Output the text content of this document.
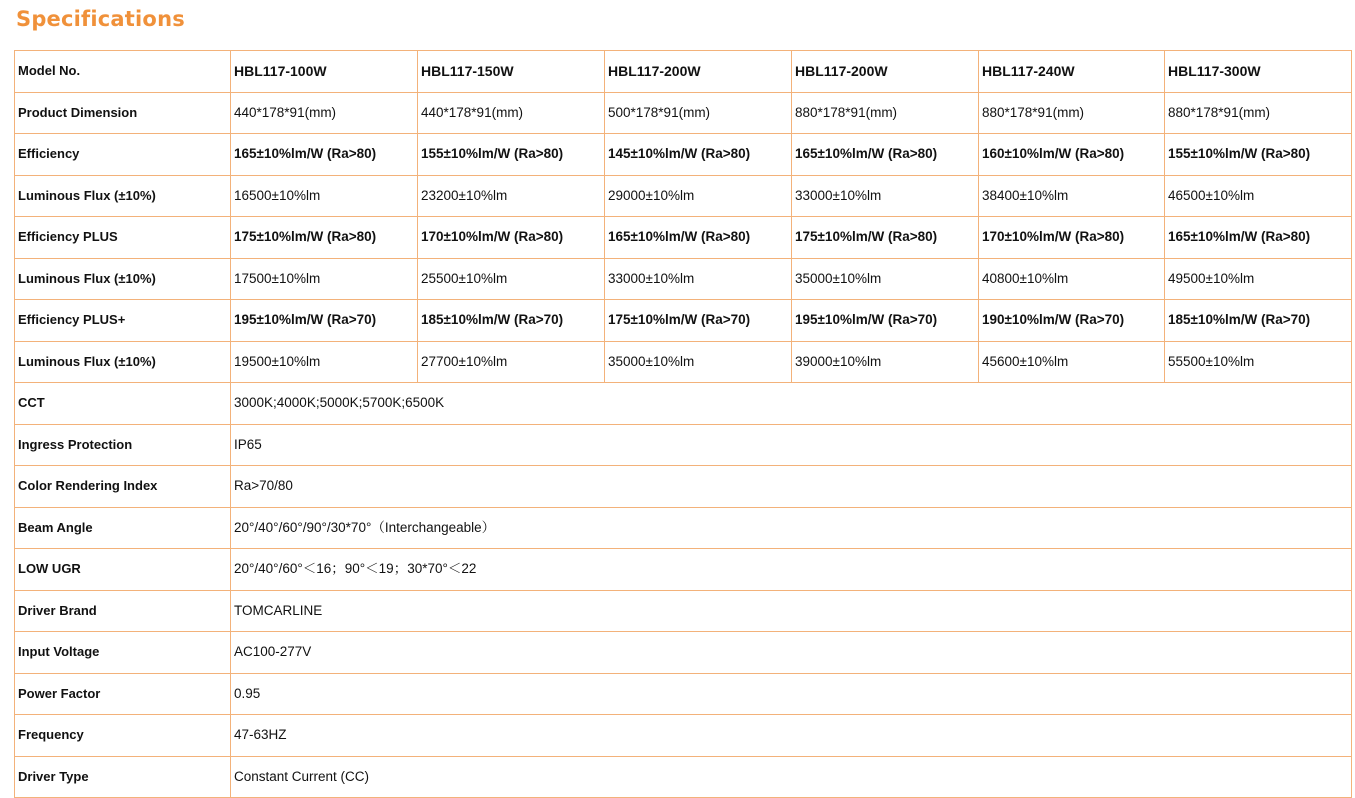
Specifications
Model No.	HBL117-100W	HBL117-150W	HBL117-200W	HBL117-200W	HBL117-240W	HBL117-300W
Product Dimension	440*178*91(mm)	440*178*91(mm)	500*178*91(mm)	880*178*91(mm)	880*178*91(mm)	880*178*91(mm)
Efficiency	165±10%lm/W (Ra>80)	155±10%lm/W (Ra>80)	145±10%lm/W (Ra>80)	165±10%lm/W (Ra>80)	160±10%lm/W (Ra>80)	155±10%lm/W (Ra>80)
Luminous Flux (±10%)	16500±10%lm	23200±10%lm	29000±10%lm	33000±10%lm	38400±10%lm	46500±10%lm
Efficiency PLUS	175±10%lm/W (Ra>80)	170±10%lm/W (Ra>80)	165±10%lm/W (Ra>80)	175±10%lm/W (Ra>80)	170±10%lm/W (Ra>80)	165±10%lm/W (Ra>80)
Luminous Flux (±10%)	17500±10%lm	25500±10%lm	33000±10%lm	35000±10%lm	40800±10%lm	49500±10%lm
Efficiency PLUS+	195±10%lm/W (Ra>70)	185±10%lm/W (Ra>70)	175±10%lm/W (Ra>70)	195±10%lm/W (Ra>70)	190±10%lm/W (Ra>70)	185±10%lm/W (Ra>70)
Luminous Flux (±10%)	19500±10%lm	27700±10%lm	35000±10%lm	39000±10%lm	45600±10%lm	55500±10%lm
CCT	3000K;4000K;5000K;5700K;6500K					
Ingress Protection	IP65					
Color Rendering Index	Ra>70/80					
Beam Angle	20°/40°/60°/90°/30*70°（Interchangeable）					
LOW UGR	20°/40°/60°＜16；90°＜19；30*70°＜22					
Driver Brand	TOMCARLINE					
Input Voltage	AC100-277V					
Power Factor	0.95					
Frequency	47-63HZ					
Driver Type	Constant Current (CC)					
